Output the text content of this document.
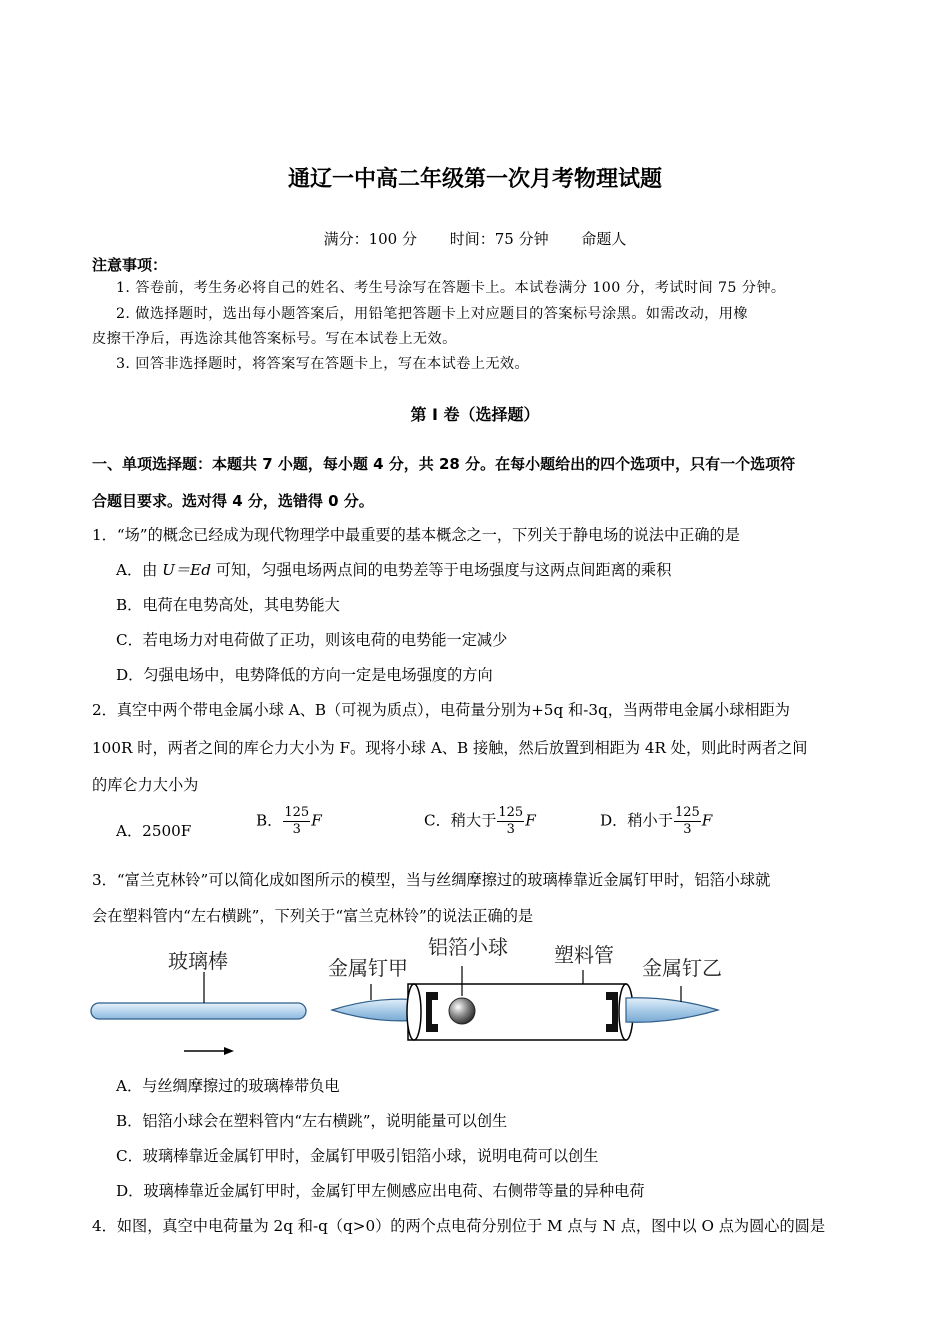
通辽一中高二年级第一次月考物理试题
满分：100 分 时间：75 分钟 命题人
注意事项：
1. 答卷前，考生务必将自己的姓名、考生号涂写在答题卡上。本试卷满分 100 分，考试时间 75 分钟。
2. 做选择题时，选出每小题答案后，用铅笔把答题卡上对应题目的答案标号涂黑。如需改动，用橡
皮擦干净后，再选涂其他答案标号。写在本试卷上无效。
3. 回答非选择题时，将答案写在答题卡上，写在本试卷上无效。
第 I 卷（选择题）
一、单项选择题：本题共 7 小题，每小题 4 分，共 28 分。在每小题给出的四个选项中，只有一个选项符
合题目要求。选对得 4 分，选错得 0 分。
1．“场”的概念已经成为现代物理学中最重要的基本概念之一，下列关于静电场的说法中正确的是
A．由 U＝Ed 可知，匀强电场两点间的电势差等于电场强度与这两点间距离的乘积
B．电荷在电势高处，其电势能大
C．若电场力对电荷做了正功，则该电荷的电势能一定减少
D．匀强电场中，电势降低的方向一定是电场强度的方向
2．真空中两个带电金属小球 A、B（可视为质点），电荷量分别为+5q 和-3q，当两带电金属小球相距为
100R 时，两者之间的库仑力大小为 F。现将小球 A、B 接触，然后放置到相距为 4R 处，则此时两者之间
的库仑力大小为
A．2500F
B． $\frac{125}{3}$ F	C．稍大于 $\frac{125}{3}$ F	D．稍小于 $\frac{125}{3}$ F
3．“富兰克林铃”可以简化成如图所示的模型，当与丝绸摩擦过的玻璃棒靠近金属钉甲时，铝箔小球就
会在塑料管内“左右横跳”，下列关于“富兰克林铃”的说法正确的是
玻璃棒	金属钉甲
铝箔小球 塑料管
金属钉乙
A．与丝绸摩擦过的玻璃棒带负电
B．铝箔小球会在塑料管内“左右横跳”，说明能量可以创生
C．玻璃棒靠近金属钉甲时，金属钉甲吸引铝箔小球，说明电荷可以创生
D．玻璃棒靠近金属钉甲时，金属钉甲左侧感应出电荷、右侧带等量的异种电荷
4．如图，真空中电荷量为 2q 和-q（q>0）的两个点电荷分别位于 M 点与 N 点，图中以 O 点为圆心的圆是
